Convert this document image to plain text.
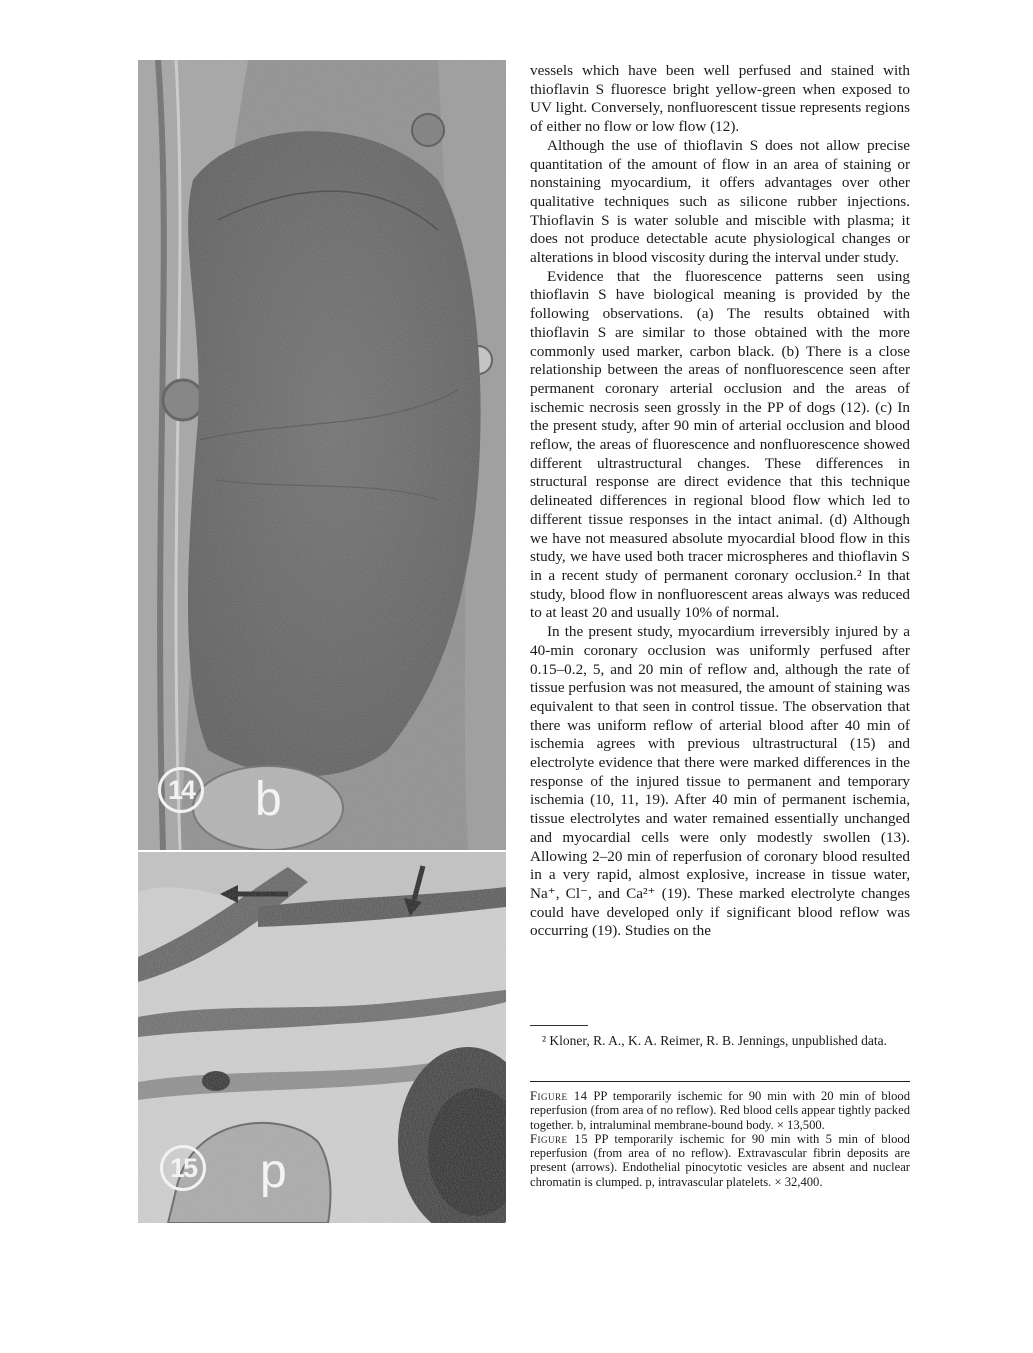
14 b
15 p

vessels which have been well perfused and stained with thioflavin S fluoresce bright yellow-green when exposed to UV light. Conversely, nonfluorescent tissue represents regions of either no flow or low flow (12).

Although the use of thioflavin S does not allow precise quantitation of the amount of flow in an area of staining or nonstaining myocardium, it offers advantages over other qualitative techniques such as silicone rubber injections. Thioflavin S is water soluble and miscible with plasma; it does not produce detectable acute physiological changes or alterations in blood viscosity during the interval under study.

Evidence that the fluorescence patterns seen using thioflavin S have biological meaning is provided by the following observations. (a) The results obtained with thioflavin S are similar to those obtained with the more commonly used marker, carbon black. (b) There is a close relationship between the areas of nonfluorescence seen after permanent coronary arterial occlusion and the areas of ischemic necrosis seen grossly in the PP of dogs (12). (c) In the present study, after 90 min of arterial occlusion and blood reflow, the areas of fluorescence and nonfluorescence showed different ultrastructural changes. These differences in structural response are direct evidence that this technique delineated differences in regional blood flow which led to different tissue responses in the intact animal. (d) Although we have not measured absolute myocardial blood flow in this study, we have used both tracer microspheres and thioflavin S in a recent study of permanent coronary occlusion.² In that study, blood flow in nonfluorescent areas always was reduced to at least 20 and usually 10% of normal.

In the present study, myocardium irreversibly injured by a 40-min coronary occlusion was uniformly perfused after 0.15–0.2, 5, and 20 min of reflow and, although the rate of tissue perfusion was not measured, the amount of staining was equivalent to that seen in control tissue. The observation that there was uniform reflow of arterial blood after 40 min of ischemia agrees with previous ultrastructural (15) and electrolyte evidence that there were marked differences in the response of the injured tissue to permanent and temporary ischemia (10, 11, 19). After 40 min of permanent ischemia, tissue electrolytes and water remained essentially unchanged and myocardial cells were only modestly swollen (13). Allowing 2–20 min of reperfusion of coronary blood resulted in a very rapid, almost explosive, increase in tissue water, Na⁺, Cl⁻, and Ca²⁺ (19). These marked electrolyte changes could have developed only if significant blood reflow was occurring (19). Studies on the

² Kloner, R. A., K. A. Reimer, R. B. Jennings, unpublished data.

Figure 14 PP temporarily ischemic for 90 min with 20 min of blood reperfusion (from area of no reflow). Red blood cells appear tightly packed together. b, intraluminal membrane-bound body. × 13,500.

Figure 15 PP temporarily ischemic for 90 min with 5 min of blood reperfusion (from area of no reflow). Extravascular fibrin deposits are present (arrows). Endothelial pinocytotic vesicles are absent and nuclear chromatin is clumped. p, intravascular platelets. × 32,400.
